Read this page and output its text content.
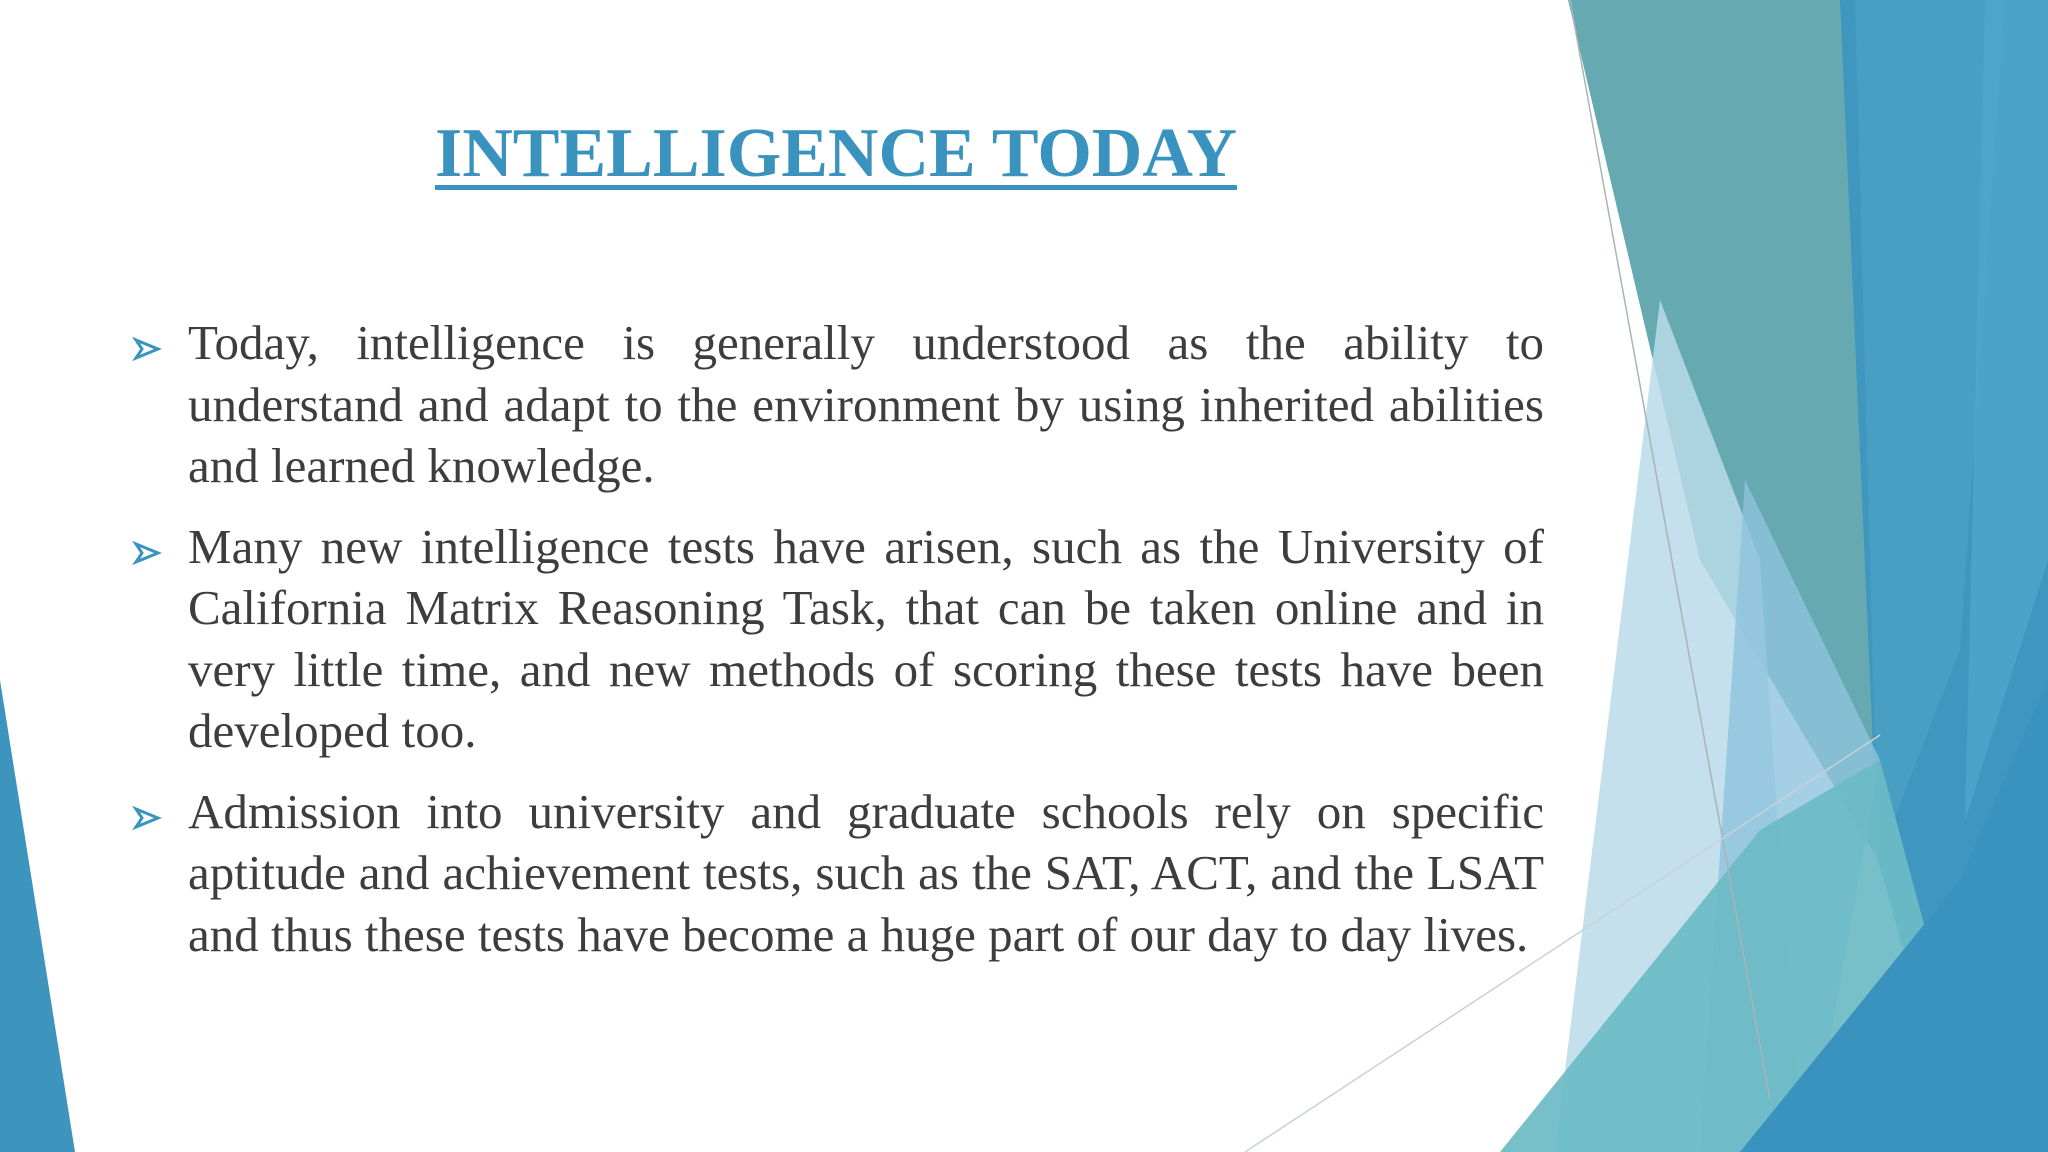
INTELLIGENCE TODAY
Today, intelligence is generally understood as the ability to understand and adapt to the environment by using inherited abilities and learned knowledge.
Many new intelligence tests have arisen, such as the University of California Matrix Reasoning Task, that can be taken online and in very little time, and new methods of scoring these tests have been developed too.
Admission into university and graduate schools rely on specific aptitude and achievement tests, such as the SAT, ACT, and the LSAT and thus these tests have become a huge part of our day to day lives.
